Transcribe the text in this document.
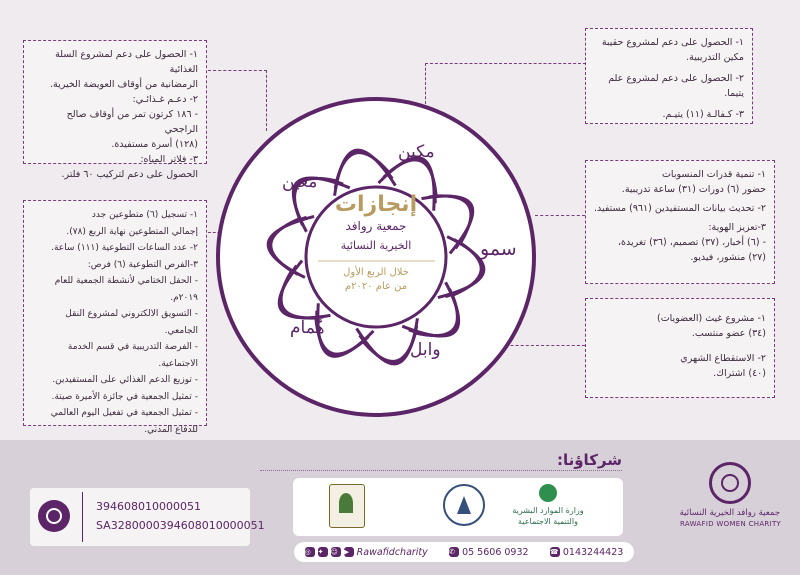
١- الحصول على دعم لمشروع السلة الغذائية

الرمضانية من أوقاف العويضة الخيرية.

٢- دعـم غـذائـي:

- ١٨٦ كرتون تمر من أوقاف صالح الراجحي

(١٢٨) أسرة مستفيدة.

٣- فلاتر المياه:

الحصول على دعم لتركيب ٦٠ فلتر.

١- تسجيل (٦) متطوعين جدد

إجمالي المتطوعين نهاية الربع (٧٨).

٢- عدد الساعات التطوعية (١١١) ساعة.

٣-الفرص التطوعية (٦) فرص:

- الحفل الختامي لأنشطة الجمعية للعام ٢٠١٩م.

- التسويق الالكتروني لمشروع النقل الجامعي.

- الفرصة التدريبية في قسم الخدمة الاجتماعية.

- توزيع الدعم الغذائي على المستفيدين.

- تمثيل الجمعية في جائزة الأميرة صيتة.

- تمثيل الجمعية في تفعيل اليوم العالمي

للدفاع المدني.

١- الحصول على دعم لمشروع حقيبة

مكين التدريبية.

٢- الحصول على دعم لمشروع علم يتيما.

٣- كـفالـة (١١) يتيـم.

١- تنمية قدرات المنسوبات

حضور (٦) دورات (٣١) ساعة تدريبية.

٢- تحديث بيانات المستفيدين (٩٦١) مستفيد.

٣-تعزيز الهوية:

- (٦) أخبار، (٣٧) تصميم، (٣٦) تغريدة،

(٢٧) منشور، فيديو.

١- مشروع غيث (العضويات)

(٣٤) عضو منتسب.

٢- الاستقطاع الشهري

(٤٠) اشتراك.

مكين
معين
سمو
هُمام
وابل
إنجازات
جمعية روافد
الخيرية النسائية
خلال الربع الأول
من عام ٢٠٢٠م
شركاؤنا:
وزارة الموارد البشرية
والتنمية الاجتماعية
◎ ✦	☺ ▶ Rawafidcharity	✆ 05 5606 0932	☎ 0143244423
394608010000051
SA3280000394608010000051
جمعية روافد الخيرية النسائية
RAWAFID WOMEN CHARITY
